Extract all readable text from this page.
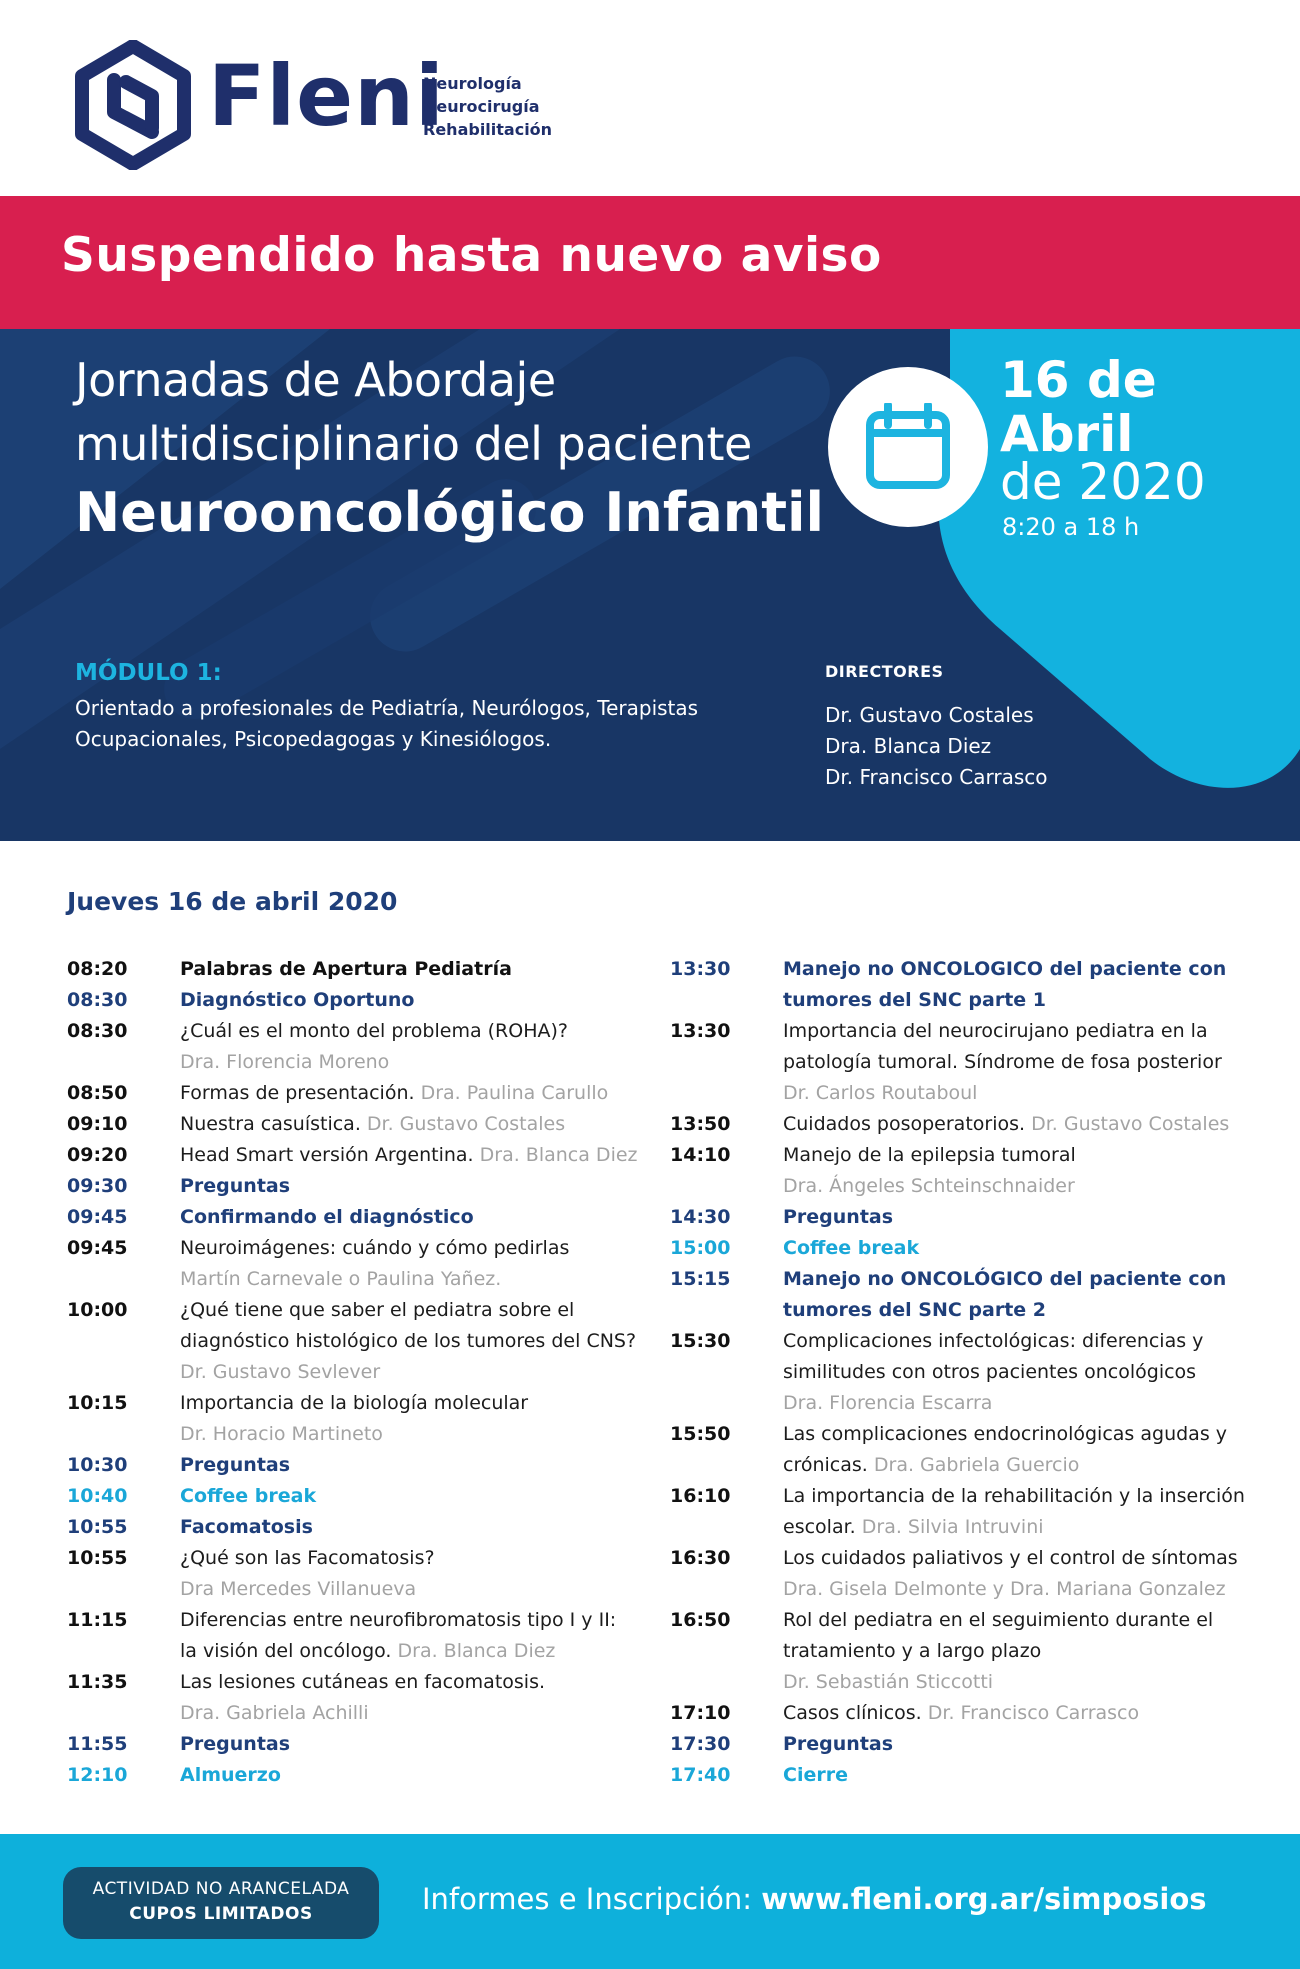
Fleni
Neurología
Neurocirugía
Rehabilitación
Suspendido hasta nuevo aviso
Jornadas de Abordaje
multidisciplinario del paciente
Neurooncológico Infantil
16 de
Abril
de 2020
8:20 a 18 h
MÓDULO 1:
Orientado a profesionales de Pediatría, Neurólogos, Terapistas
Ocupacionales, Psicopedagogas y Kinesiólogos.
DIRECTORES
Dr. Gustavo Costales
Dra. Blanca Diez
Dr. Francisco Carrasco
Jueves 16 de abril 2020
08:20	Palabras de Apertura Pediatría
08:30	Diagnóstico Oportuno
08:30	¿Cuál es el monto del problema (ROHA)?
Dra. Florencia Moreno
08:50	Formas de presentación. Dra. Paulina Carullo
09:10	Nuestra casuística. Dr. Gustavo Costales
09:20	Head Smart versión Argentina. Dra. Blanca Diez
09:30	Preguntas
09:45	Confirmando el diagnóstico
09:45	Neuroimágenes: cuándo y cómo pedirlas
Martín Carnevale o Paulina Yañez.
10:00	¿Qué tiene que saber el pediatra sobre el
diagnóstico histológico de los tumores del CNS?
Dr. Gustavo Sevlever
10:15	Importancia de la biología molecular
Dr. Horacio Martineto
10:30	Preguntas
10:40	Coffee break
10:55	Facomatosis
10:55	¿Qué son las Facomatosis?
Dra Mercedes Villanueva
11:15	Diferencias entre neurofibromatosis tipo I y II:
la visión del oncólogo. Dra. Blanca Diez
11:35	Las lesiones cutáneas en facomatosis.
Dra. Gabriela Achilli
11:55	Preguntas
12:10	Almuerzo
13:30	Manejo no ONCOLOGICO del paciente con
tumores del SNC parte 1
13:30	Importancia del neurocirujano pediatra en la
patología tumoral. Síndrome de fosa posterior
Dr. Carlos Routaboul
13:50	Cuidados posoperatorios. Dr. Gustavo Costales
14:10	Manejo de la epilepsia tumoral
Dra. Ángeles Schteinschnaider
14:30	Preguntas
15:00	Coffee break
15:15	Manejo no ONCOLÓGICO del paciente con
tumores del SNC parte 2
15:30	Complicaciones infectológicas: diferencias y
similitudes con otros pacientes oncológicos
Dra. Florencia Escarra
15:50	Las complicaciones endocrinológicas agudas y
crónicas. Dra. Gabriela Guercio
16:10	La importancia de la rehabilitación y la inserción
escolar. Dra. Silvia Intruvini
16:30	Los cuidados paliativos y el control de síntomas
Dra. Gisela Delmonte y Dra. Mariana Gonzalez
16:50	Rol del pediatra en el seguimiento durante el
tratamiento y a largo plazo
Dr. Sebastián Sticcotti
17:10	Casos clínicos. Dr. Francisco Carrasco
17:30	Preguntas
17:40	Cierre
ACTIVIDAD NO ARANCELADA
CUPOS LIMITADOS	Informes e Inscripción: www.fleni.org.ar/simposios
